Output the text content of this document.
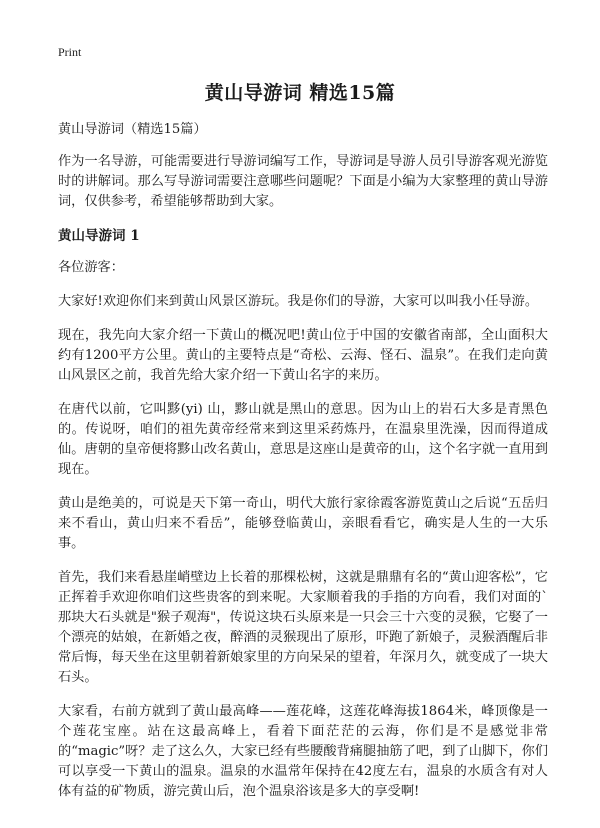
Print
黄山导游词 精选15篇

黄山导游词（精选15篇）

作为一名导游，可能需要进行导游词编写工作，导游词是导游人员引导游客观光游览时的讲解词。那么写导游词需要注意哪些问题呢？下面是小编为大家整理的黄山导游词，仅供参考，希望能够帮助到大家。

黄山导游词 1

各位游客：

大家好!欢迎你们来到黄山风景区游玩。我是你们的导游，大家可以叫我小任导游。

现在，我先向大家介绍一下黄山的概况吧!黄山位于中国的安徽省南部，全山面积大约有1200平方公里。黄山的主要特点是“奇松、云海、怪石、温泉”。在我们走向黄山风景区之前，我首先给大家介绍一下黄山名字的来历。

在唐代以前，它叫黟(yi) 山，黟山就是黑山的意思。因为山上的岩石大多是青黑色的。传说呀，咱们的祖先黄帝经常来到这里采药炼丹，在温泉里洗澡，因而得道成仙。唐朝的皇帝便将黟山改名黄山，意思是这座山是黄帝的山，这个名字就一直用到现在。

黄山是绝美的，可说是天下第一奇山，明代大旅行家徐霞客游览黄山之后说“五岳归来不看山，黄山归来不看岳”，能够登临黄山，亲眼看看它，确实是人生的一大乐事。

首先，我们来看悬崖峭壁边上长着的那棵松树，这就是鼎鼎有名的“黄山迎客松”，它正挥着手欢迎你咱们这些贵客的到来呢。大家顺着我的手指的方向看，我们对面的`那块大石头就是"猴子观海"，传说这块石头原来是一只会三十六变的灵猴，它娶了一个漂亮的姑娘，在新婚之夜，醉酒的灵猴现出了原形，吓跑了新娘子，灵猴酒醒后非常后悔，每天坐在这里朝着新娘家里的方向呆呆的望着，年深月久，就变成了一块大石头。

大家看，右前方就到了黄山最高峰——莲花峰，这莲花峰海拔1864米，峰顶像是一个莲花宝座。站在这最高峰上，看着下面茫茫的云海，你们是不是感觉非常的“magic”呀？走了这么久，大家已经有些腰酸背痛腿抽筋了吧，到了山脚下，你们可以享受一下黄山的温泉。温泉的水温常年保持在42度左右，温泉的水质含有对人体有益的矿物质，游完黄山后，泡个温泉浴该是多大的享受啊!
